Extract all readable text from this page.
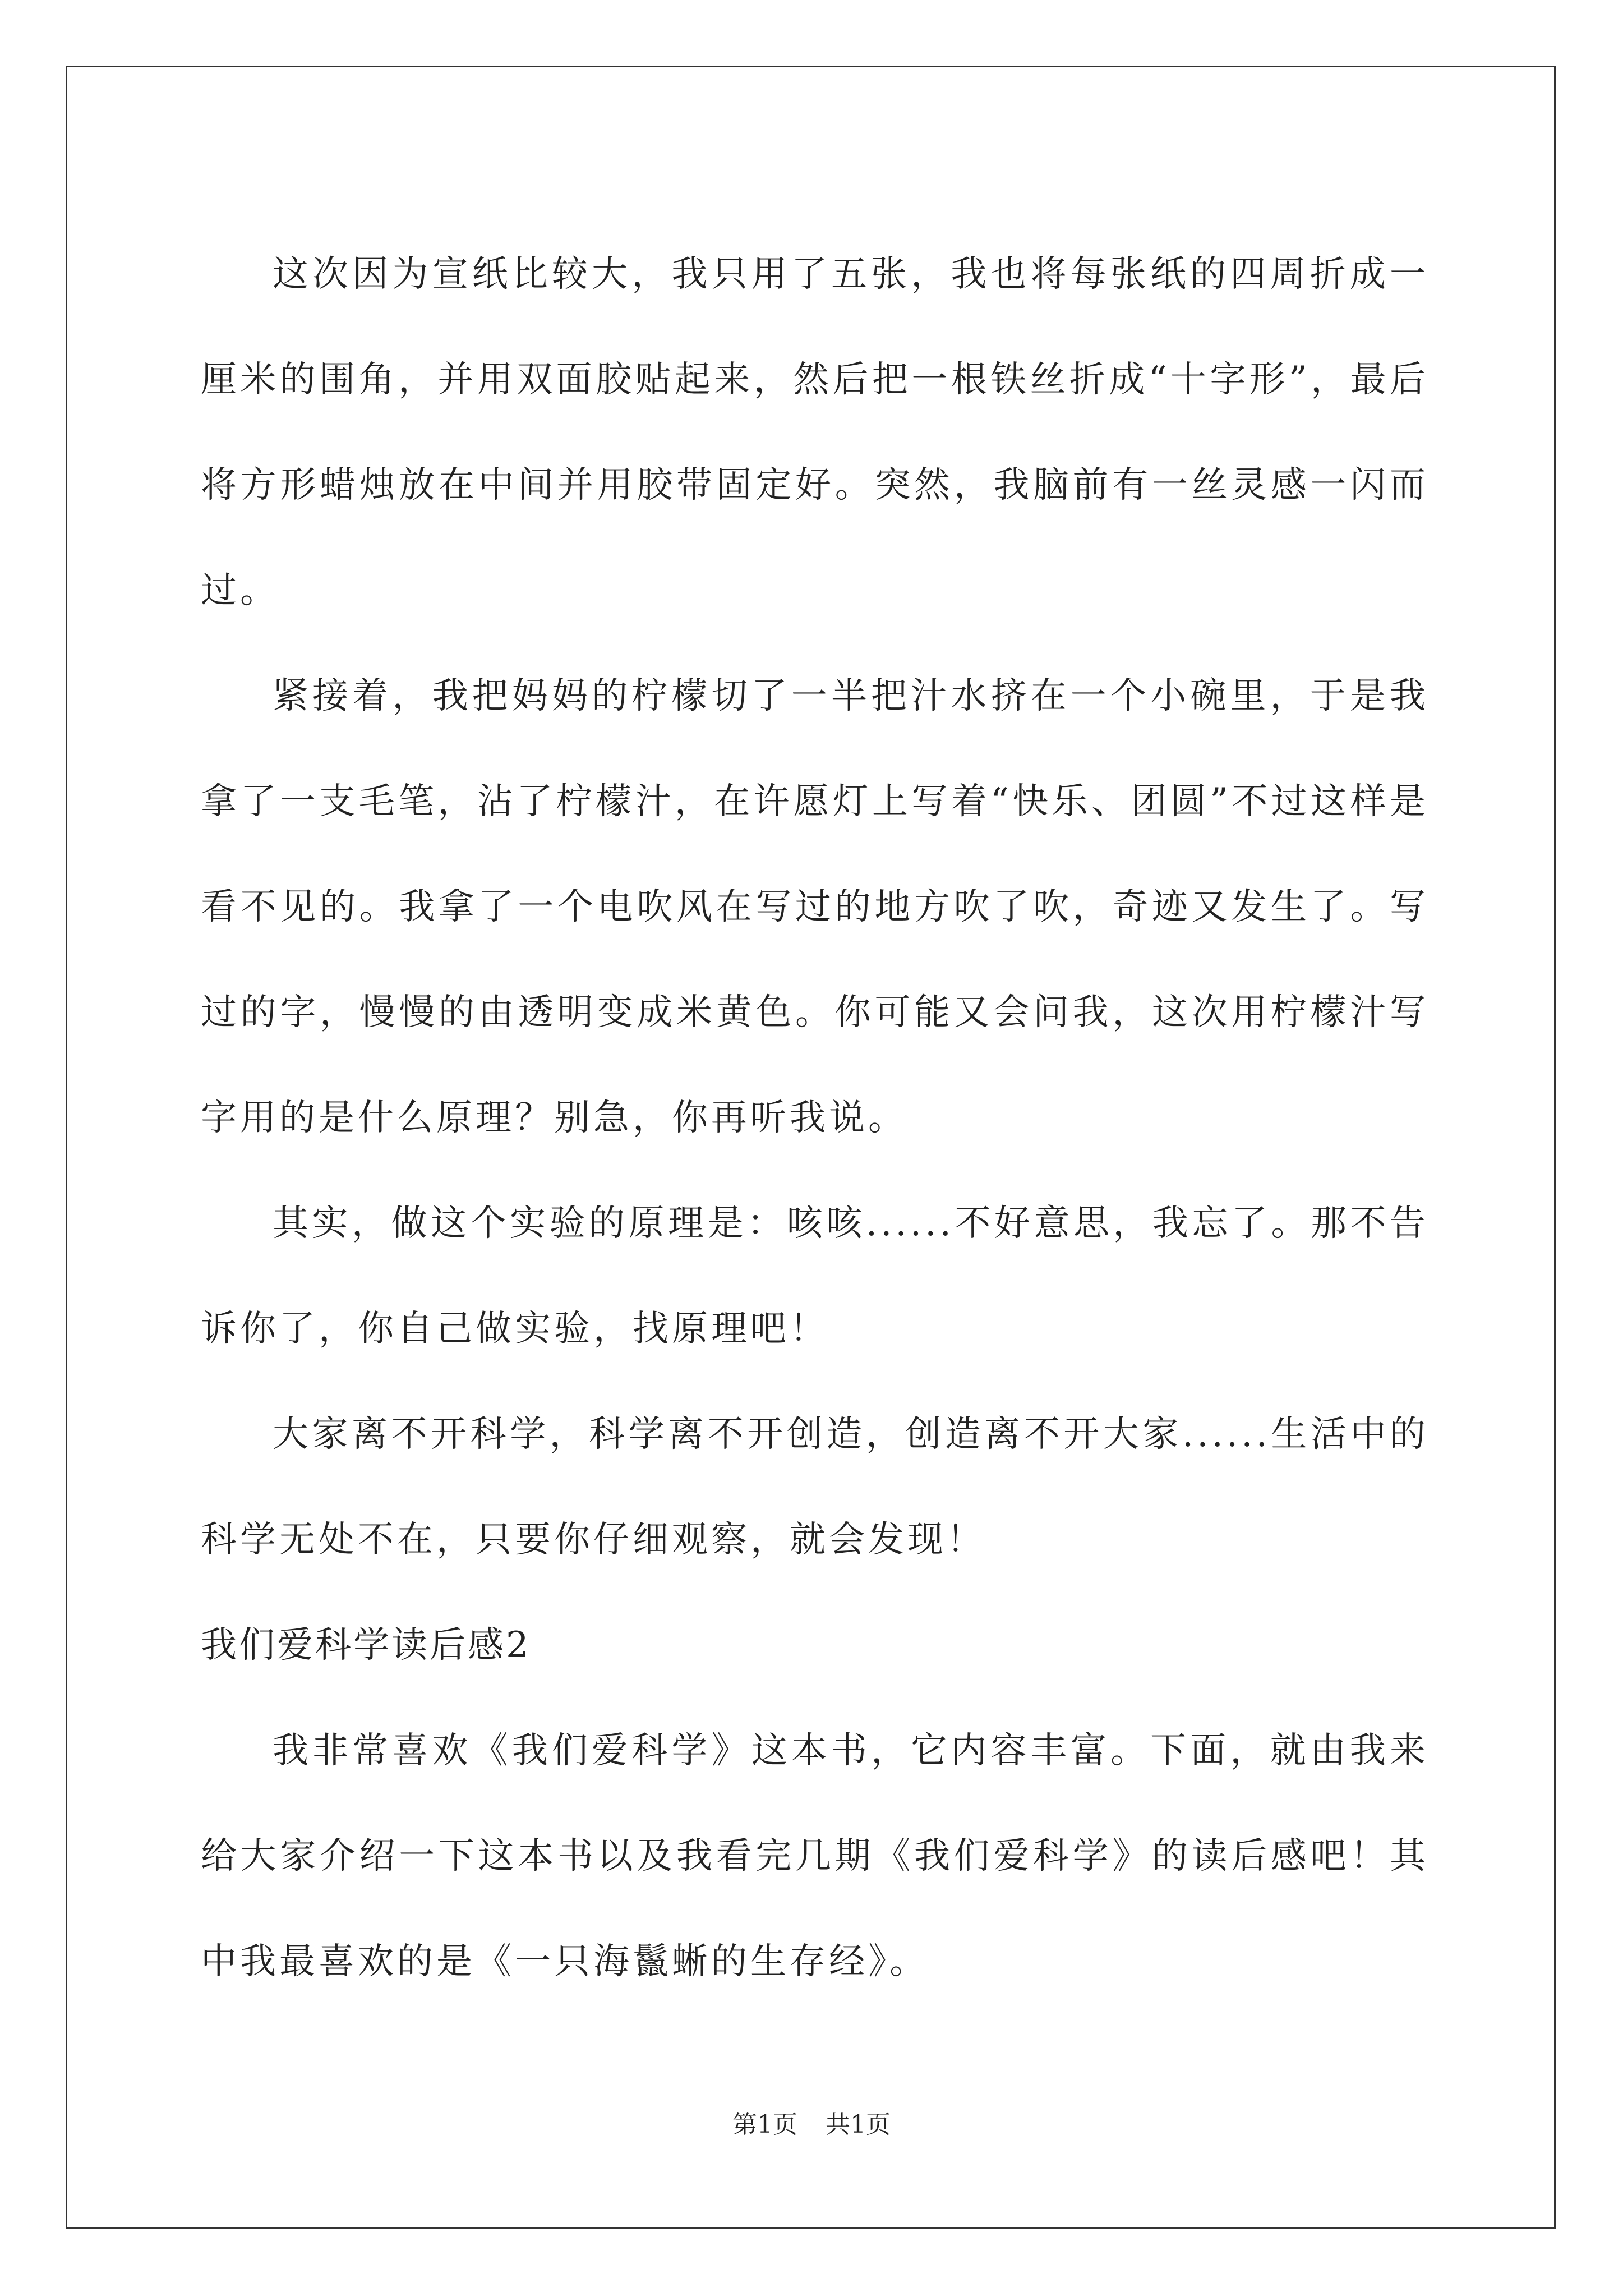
这次因为宣纸比较大，我只用了五张，我也将每张纸的四周折成一厘米的围角，并用双面胶贴起来，然后把一根铁丝折成“十字形”，最后将方形蜡烛放在中间并用胶带固定好。突然，我脑前有一丝灵感一闪而过。

紧接着，我把妈妈的柠檬切了一半把汁水挤在一个小碗里，于是我拿了一支毛笔，沾了柠檬汁，在许愿灯上写着“快乐、团圆”不过这样是看不见的。我拿了一个电吹风在写过的地方吹了吹，奇迹又发生了。写过的字，慢慢的由透明变成米黄色。你可能又会问我，这次用柠檬汁写字用的是什么原理？别急，你再听我说。

其实，做这个实验的原理是：咳咳......不好意思，我忘了。那不告诉你了，你自己做实验，找原理吧！

大家离不开科学，科学离不开创造，创造离不开大家......生活中的科学无处不在，只要你仔细观察，就会发现！

我们爱科学读后感2

我非常喜欢《我们爱科学》这本书，它内容丰富。下面，就由我来给大家介绍一下这本书以及我看完几期《我们爱科学》的读后感吧！其中我最喜欢的是《一只海鬣蜥的生存经》。

第1页 共1页
